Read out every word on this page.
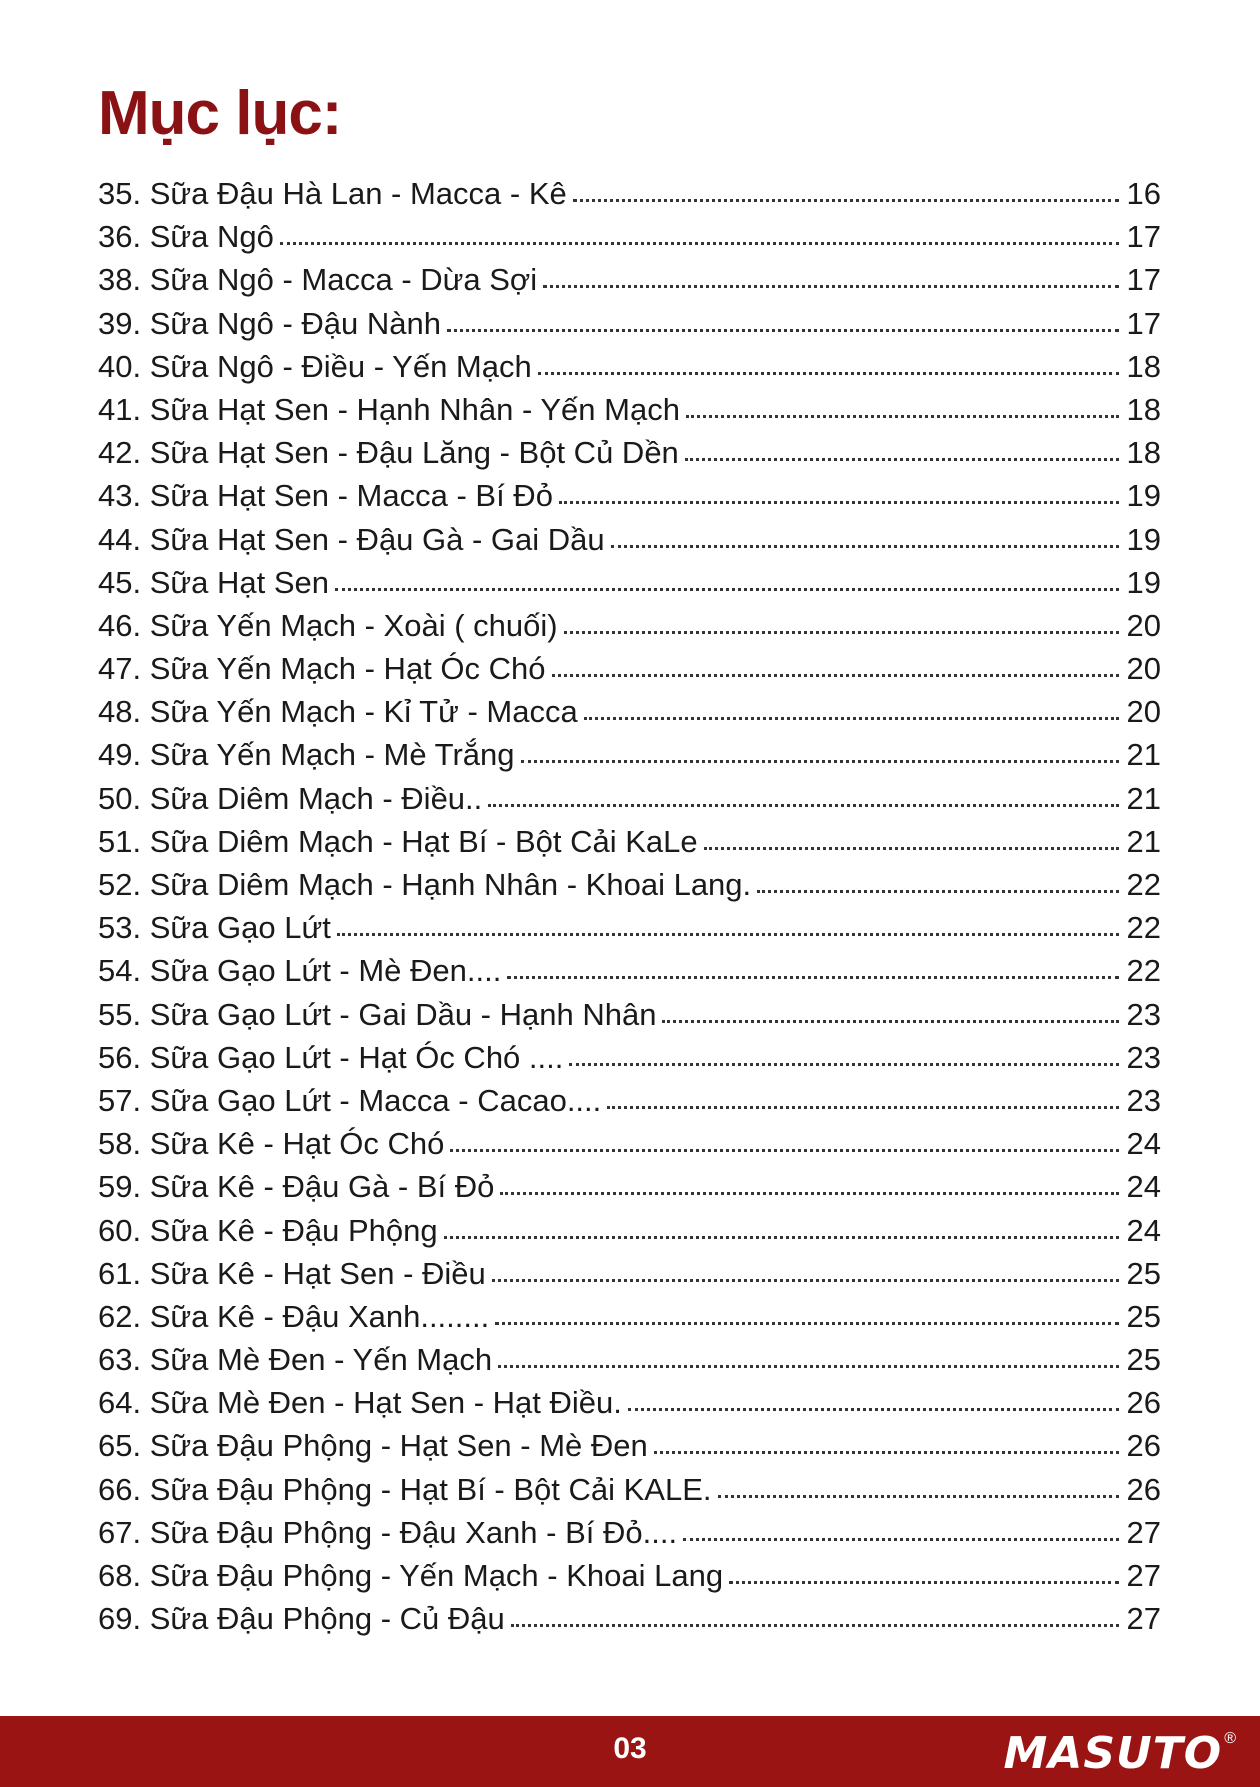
Mục lục:
35. Sữa Đậu Hà Lan - Macca - Kê	16
36. Sữa Ngô	17
38. Sữa Ngô - Macca - Dừa Sợi	17
39. Sữa Ngô - Đậu Nành	17
40. Sữa Ngô - Điều - Yến Mạch	18
41. Sữa Hạt Sen - Hạnh Nhân - Yến Mạch	18
42. Sữa Hạt Sen - Đậu Lăng - Bột Củ Dền	18
43. Sữa Hạt Sen - Macca - Bí Đỏ	19
44. Sữa Hạt Sen - Đậu Gà - Gai Dầu	19
45. Sữa Hạt Sen	19
46. Sữa Yến Mạch - Xoài ( chuối)	20
47. Sữa Yến Mạch - Hạt Óc Chó	20
48. Sữa Yến Mạch - Kỉ Tử - Macca	20
49. Sữa Yến Mạch - Mè Trắng	21
50. Sữa Diêm Mạch - Điều..	21
51. Sữa Diêm Mạch - Hạt Bí - Bột Cải KaLe	21
52. Sữa Diêm Mạch - Hạnh Nhân - Khoai Lang.	22
53. Sữa Gạo Lứt	22
54. Sữa Gạo Lứt - Mè Đen....	22
55. Sữa Gạo Lứt - Gai Dầu - Hạnh Nhân	23
56. Sữa Gạo Lứt - Hạt Óc Chó ....	23
57. Sữa Gạo Lứt - Macca - Cacao....	23
58. Sữa Kê - Hạt Óc Chó	24
59. Sữa Kê - Đậu Gà - Bí Đỏ	24
60. Sữa Kê - Đậu Phộng	24
61. Sữa Kê - Hạt Sen - Điều	25
62. Sữa Kê - Đậu Xanh........	25
63. Sữa Mè Đen - Yến Mạch	25
64. Sữa Mè Đen - Hạt Sen - Hạt Điều.	26
65. Sữa Đậu Phộng - Hạt Sen - Mè Đen	26
66. Sữa Đậu Phộng - Hạt Bí - Bột Cải KALE.	26
67. Sữa Đậu Phộng - Đậu Xanh - Bí Đỏ....	27
68. Sữa Đậu Phộng - Yến Mạch - Khoai Lang	27
69. Sữa Đậu Phộng - Củ Đậu	27
03	MASUTO ®
